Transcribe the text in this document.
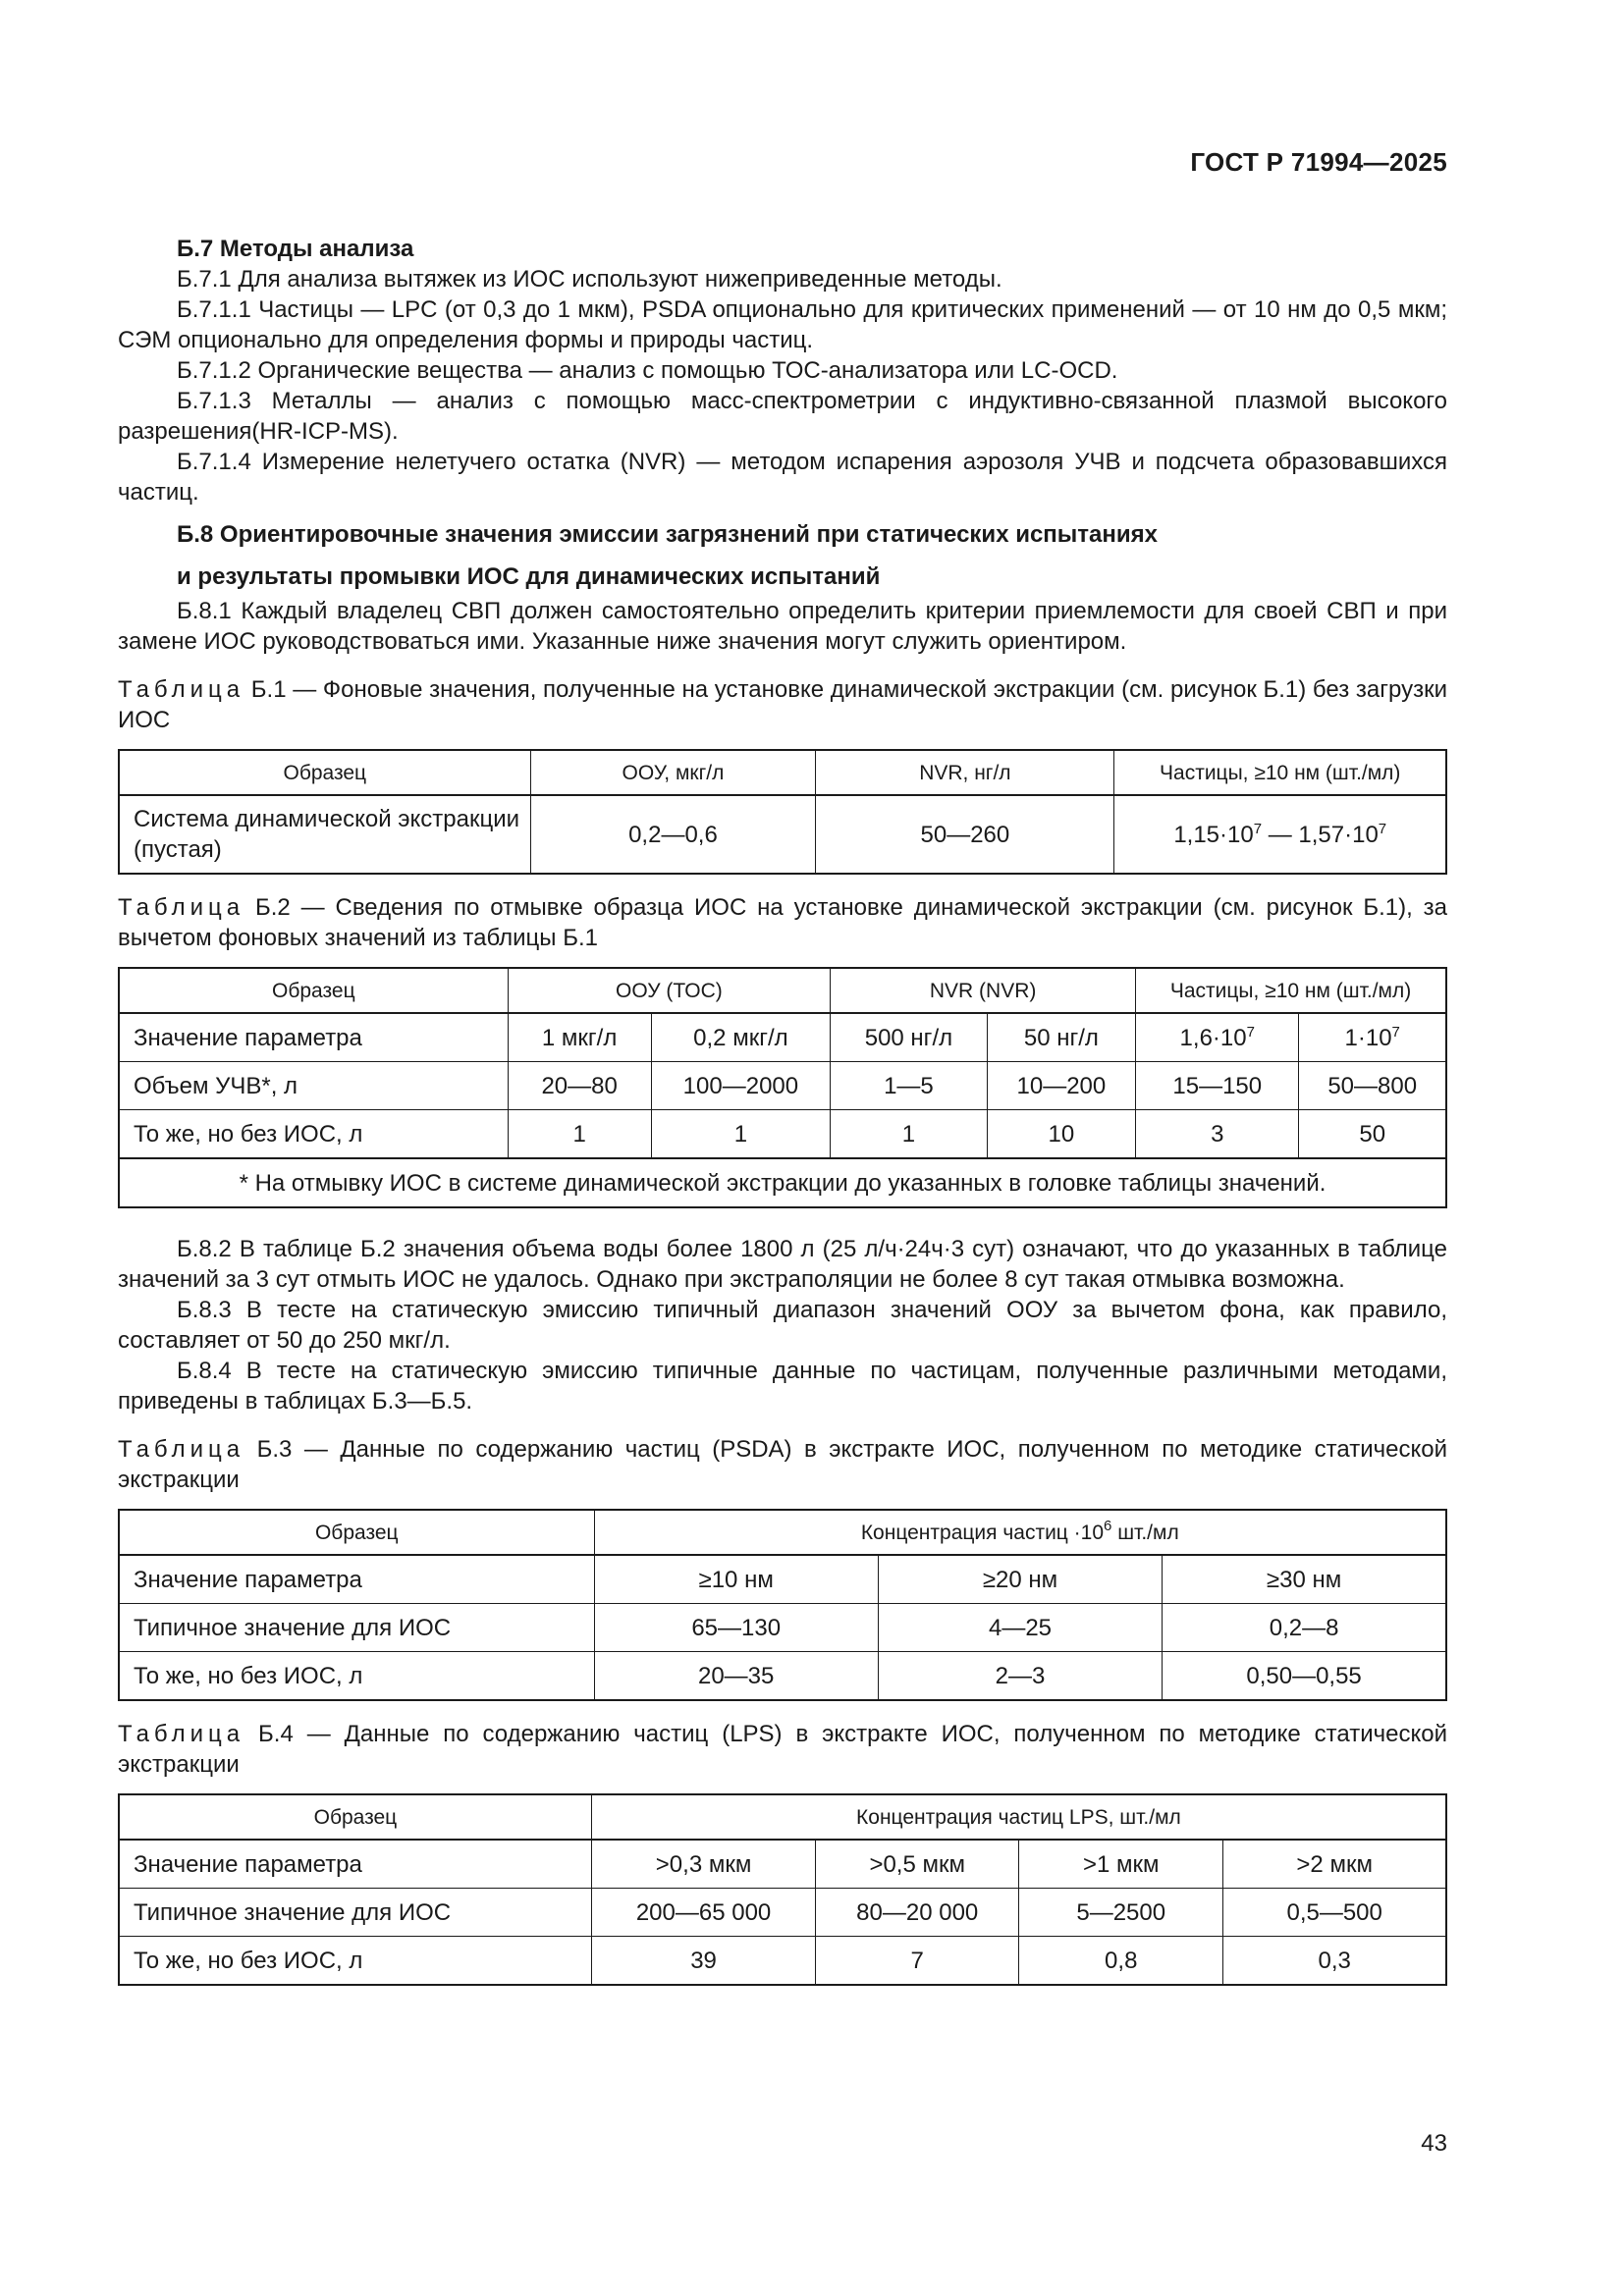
ГОСТ Р 71994—2025

Б.7 Методы анализа

Б.7.1 Для анализа вытяжек из ИОС используют нижеприведенные методы.

Б.7.1.1 Частицы — LPC (от 0,3 до 1 мкм), PSDA опционально для критических применений — от 10 нм до 0,5 мкм; СЭМ опционально для определения формы и природы частиц.

Б.7.1.2 Органические вещества — анализ с помощью ТОС-анализатора или LC-OCD.

Б.7.1.3 Металлы — анализ с помощью масс-спектрометрии с индуктивно-связанной плазмой высокого разрешения(HR-ICP-MS).

Б.7.1.4 Измерение нелетучего остатка (NVR) — методом испарения аэрозоля УЧВ и подсчета образовавшихся частиц.

Б.8 Ориентировочные значения эмиссии загрязнений при статических испытаниях

и результаты промывки ИОС для динамических испытаний

Б.8.1 Каждый владелец СВП должен самостоятельно определить критерии приемлемости для своей СВП и при замене ИОС руководствоваться ими. Указанные ниже значения могут служить ориентиром.

Таблица Б.1 — Фоновые значения, полученные на установке динамической экстракции (см. рисунок Б.1) без загрузки ИОС

Образец	ООУ, мкг/л	NVR, нг/л	Частицы, ≥10 нм (шт./мл)
Система динамической экстракции (пустая)	0,2—0,6	50—260	$1,15\cdot 10^7$ — $1,57\cdot 10^7$

Таблица Б.2 — Сведения по отмывке образца ИОС на установке динамической экстракции (см. рисунок Б.1), за вычетом фоновых значений из таблицы Б.1

Образец	ООУ (ТОС)		NVR (NVR)		Частицы, ≥10 нм (шт./мл)	
Значение параметра	1 мкг/л	0,2 мкг/л	500 нг/л	50 нг/л	$1,6\cdot 10^7$	$1\cdot 10^7$
Объем УЧВ*, л	20—80	100—2000	1—5	10—200	15—150	50—800
То же, но без ИОС, л	1	1	1	10	3	50
* На отмывку ИОС в системе динамической экстракции до указанных в головке таблицы значений.						

Б.8.2 В таблице Б.2 значения объема воды более 1800 л (25 л/ч·24ч·3 сут) означают, что до указанных в таблице значений за 3 сут отмыть ИОС не удалось. Однако при экстраполяции не более 8 сут такая отмывка возможна.

Б.8.3 В тесте на статическую эмиссию типичный диапазон значений ООУ за вычетом фона, как правило, составляет от 50 до 250 мкг/л.

Б.8.4 В тесте на статическую эмиссию типичные данные по частицам, полученные различными методами, приведены в таблицах Б.3—Б.5.

Таблица Б.3 — Данные по содержанию частиц (PSDA) в экстракте ИОС, полученном по методике статической экстракции

Образец	Концентрация частиц $\cdot 10^6$ шт./мл		
Значение параметра	≥10 нм	≥20 нм	≥30 нм
Типичное значение для ИОС	65—130	4—25	0,2—8
То же, но без ИОС, л	20—35	2—3	0,50—0,55

Таблица Б.4 — Данные по содержанию частиц (LPS) в экстракте ИОС, полученном по методике статической экстракции

Образец	Концентрация частиц LPS, шт./мл			
Значение параметра	>0,3 мкм	>0,5 мкм	>1 мкм	>2 мкм
Типичное значение для ИОС	200—65 000	80—20 000	5—2500	0,5—500
То же, но без ИОС, л	39	7	0,8	0,3
43
